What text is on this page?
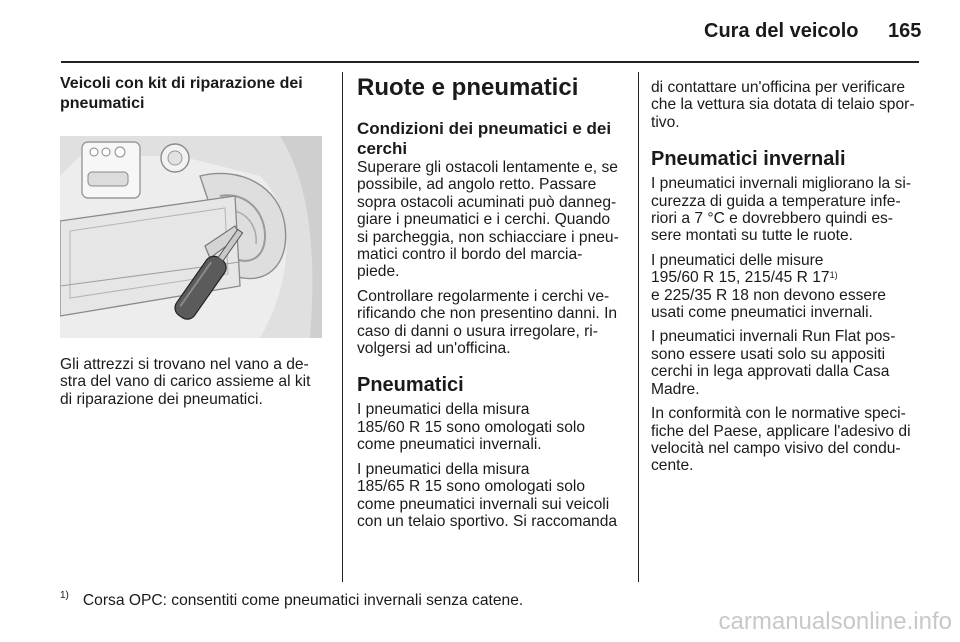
Cura del veicolo 165
Veicoli con kit di riparazione dei
pneumatici
Gli attrezzi si trovano nel vano a de-
stra del vano di carico assieme al kit
di riparazione dei pneumatici.
Ruote e pneumatici
Condizioni dei pneumatici e dei
cerchi

Superare gli ostacoli lentamente e, se
possibile, ad angolo retto. Passare
sopra ostacoli acuminati può danneg-
giare i pneumatici e i cerchi. Quando
si parcheggia, non schiacciare i pneu-
matici contro il bordo del marcia-
piede.

Controllare regolarmente i cerchi ve-
rificando che non presentino danni. In
caso di danni o usura irregolare, ri-
volgersi ad un'officina.

Pneumatici

I pneumatici della misura
185/60 R 15 sono omologati solo
come pneumatici invernali.

I pneumatici della misura
185/65 R 15 sono omologati solo
come pneumatici invernali sui veicoli
con un telaio sportivo. Si raccomanda

di contattare un'officina per verificare
che la vettura sia dotata di telaio spor-
tivo.

Pneumatici invernali

I pneumatici invernali migliorano la si-
curezza di guida a temperature infe-
riori a 7 °C e dovrebbero quindi es-
sere montati su tutte le ruote.

I pneumatici delle misure
195/60 R 15, 215/45 R 17$^{1)}$
e 225/35 R 18 non devono essere
usati come pneumatici invernali.

I pneumatici invernali Run Flat pos-
sono essere usati solo su appositi
cerchi in lega approvati dalla Casa
Madre.

In conformità con le normative speci-
fiche del Paese, applicare l'adesivo di
velocità nel campo visivo del condu-
cente.

$^{1)}$ Corsa OPC: consentiti come pneumatici invernali senza catene.
carmanualsonline.info
